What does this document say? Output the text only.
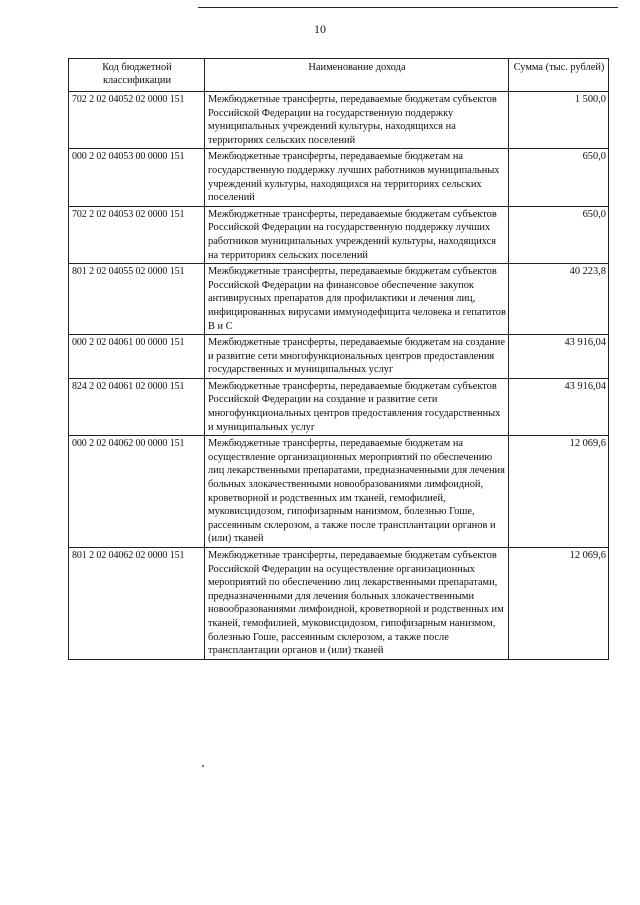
10
Код бюджетной классификации	Наименование дохода	Сумма (тыс. рублей)
702 2 02 04052 02 0000 151	Межбюджетные трансферты, передаваемые бюджетам субъектов Российской Федерации на государственную поддержку муниципальных учреждений культуры, находящихся на территориях сельских поселений	1 500,0
000 2 02 04053 00 0000 151	Межбюджетные трансферты, передаваемые бюджетам на государственную поддержку лучших работников муниципальных учреждений культуры, находящихся на территориях сельских поселений	650,0
702 2 02 04053 02 0000 151	Межбюджетные трансферты, передаваемые бюджетам субъектов Российской Федерации на государственную поддержку лучших работников муниципальных учреждений культуры, находящихся на территориях сельских поселений	650,0
801 2 02 04055 02 0000 151	Межбюджетные трансферты, передаваемые бюджетам субъектов Российской Федерации на финансовое обеспечение закупок антивирусных препаратов для профилактики и лечения лиц, инфицированных вирусами иммунодефицита человека и гепатитов B и C	40 223,8
000 2 02 04061 00 0000 151	Межбюджетные трансферты, передаваемые бюджетам на создание и развитие сети многофункциональных центров предоставления государственных и муниципальных услуг	43 916,04
824 2 02 04061 02 0000 151	Межбюджетные трансферты, передаваемые бюджетам субъектов Российской Федерации на создание и развитие сети многофункциональных центров предоставления государственных и муниципальных услуг	43 916,04
000 2 02 04062 00 0000 151	Межбюджетные трансферты, передаваемые бюджетам на осуществление организационных мероприятий по обеспечению лиц лекарственными препаратами, предназначенными для лечения больных злокачественными новообразованиями лимфоидной, кроветворной и родственных им тканей, гемофилией, муковисцидозом, гипофизарным нанизмом, болезнью Гоше, рассеянным склерозом, а также после трансплантации органов и (или) тканей	12 069,6
801 2 02 04062 02 0000 151	Межбюджетные трансферты, передаваемые бюджетам субъектов Российской Федерации на осуществление организационных мероприятий по обеспечению лиц лекарственными препаратами, предназначенными для лечения больных злокачественными новообразованиями лимфоидной, кроветворной и родственных им тканей, гемофилией, муковисцидозом, гипофизарным нанизмом, болезнью Гоше, рассеянным склерозом, а также после трансплантации органов и (или) тканей	12 069,6
